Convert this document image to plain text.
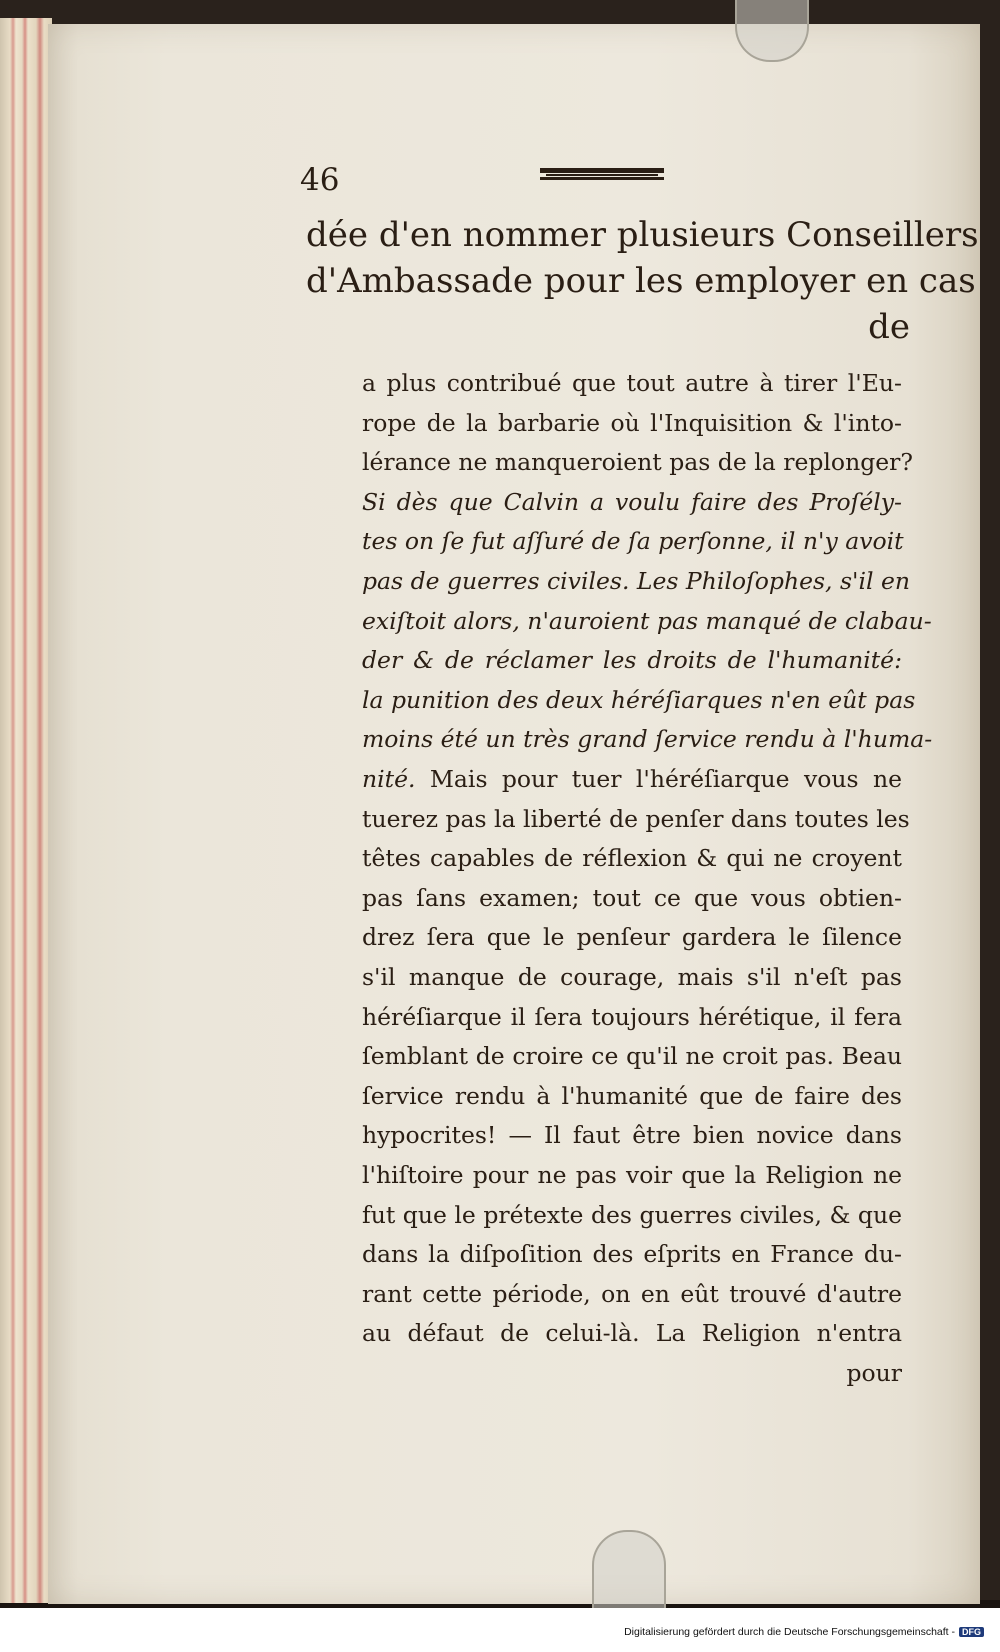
46
dée d'en nommer plusieurs Conseillers
d'Ambassade pour les employer en cas
de
a plus contribué que tout autre à tirer l'Eu-
rope de la barbarie où l'Inquisition & l'into-
lérance ne manqueroient pas de la replonger?
Si dès que Calvin a voulu faire des Proſély-
tes on ſe fut aſſuré de ſa perſonne, il n'y avoit
pas de guerres civiles. Les Philoſophes, s'il en
exiſtoit alors, n'auroient pas manqué de clabau-
der & de réclamer les droits de l'humanité:
la punition des deux héréſiarques n'en eût pas
moins été un très grand ſervice rendu à l'huma-
nité. Mais pour tuer l'héréſiarque vous ne
tuerez pas la liberté de penſer dans toutes les
têtes capables de réflexion & qui ne croyent
pas ſans examen; tout ce que vous obtien-
drez ſera que le penſeur gardera le ſilence
s'il manque de courage, mais s'il n'eſt pas
héréſiarque il ſera toujours hérétique, il fera
ſemblant de croire ce qu'il ne croit pas. Beau
ſervice rendu à l'humanité que de faire des
hypocrites! — Il faut être bien novice dans
l'hiſtoire pour ne pas voir que la Religion ne
fut que le prétexte des guerres civiles, & que
dans la diſpoſition des eſprits en France du-
rant cette période, on en eût trouvé d'autre
au défaut de celui-là. La Religion n'entra
pour
Digitalisierung gefördert durch die Deutsche Forschungsgemeinschaft - DFG
